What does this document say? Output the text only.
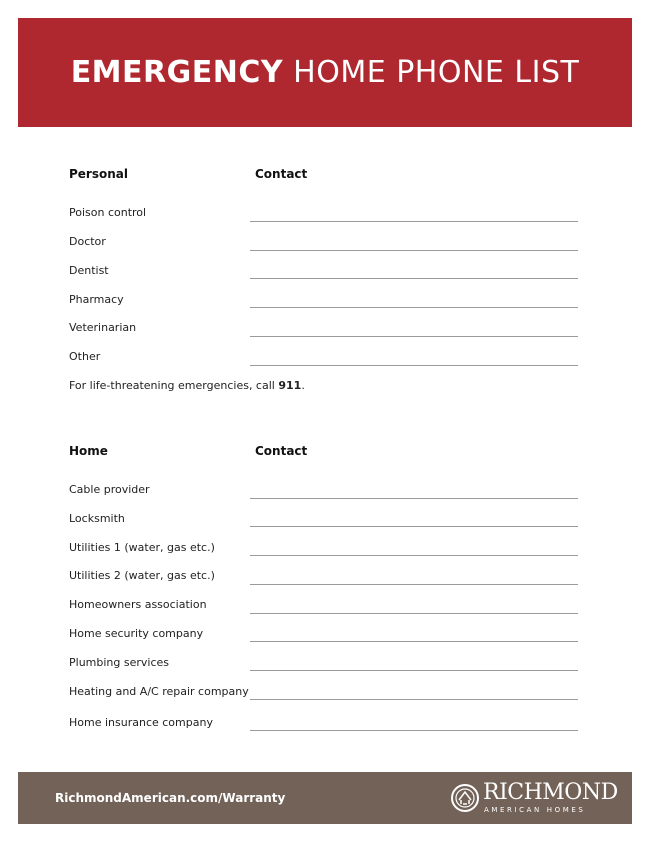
EMERGENCY HOME PHONE LIST
Personal	Contact
Poison control
Doctor
Dentist
Pharmacy
Veterinarian
Other
For life-threatening emergencies, call 911.
Home	Contact
Cable provider
Locksmith
Utilities 1 (water, gas etc.)
Utilities 2 (water, gas etc.)
Homeowners association
Home security company
Plumbing services
Heating and A/C repair company
Home insurance company
RichmondAmerican.com/Warranty	RICHMOND
AMERICAN HOMES
